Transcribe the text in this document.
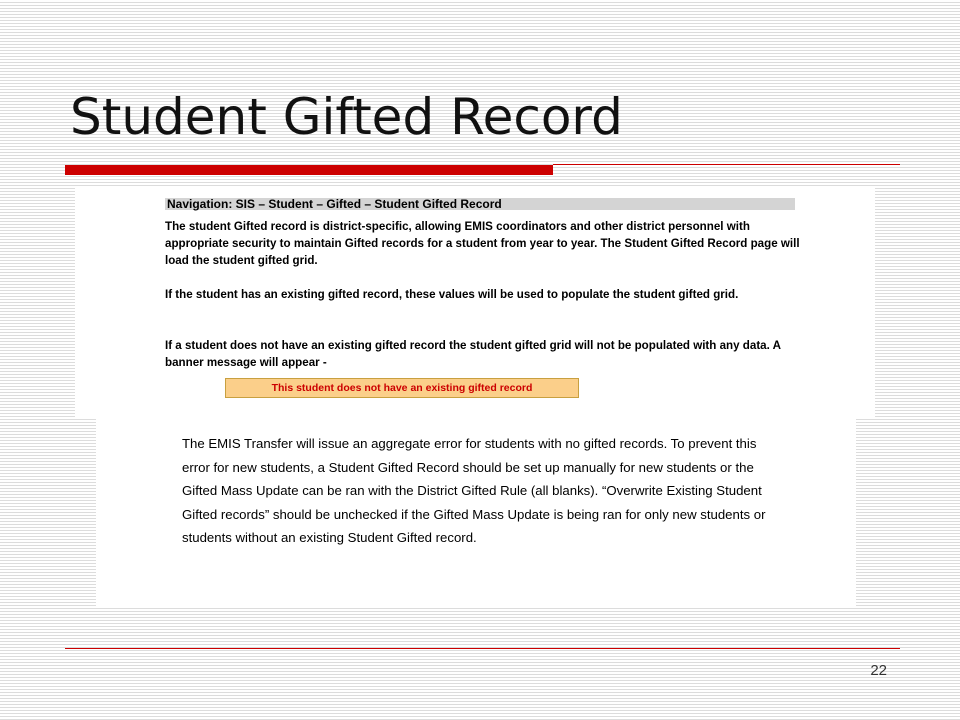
Student Gifted Record
Navigation: SIS – Student – Gifted – Student Gifted Record

The student Gifted record is district-specific, allowing EMIS coordinators and other district personnel with appropriate security to maintain Gifted records for a student from year to year. The Student Gifted Record page will load the student gifted grid.

If the student has an existing gifted record, these values will be used to populate the student gifted grid.

If a student does not have an existing gifted record the student gifted grid will not be populated with any data. A banner message will appear -

This student does not have an existing gifted record

The EMIS Transfer will issue an aggregate error for students with no gifted records. To prevent this error for new students, a Student Gifted Record should be set up manually for new students or the Gifted Mass Update can be ran with the District Gifted Rule (all blanks). “Overwrite Existing Student Gifted records” should be unchecked if the Gifted Mass Update is being ran for only new students or students without an existing Student Gifted record.

22
